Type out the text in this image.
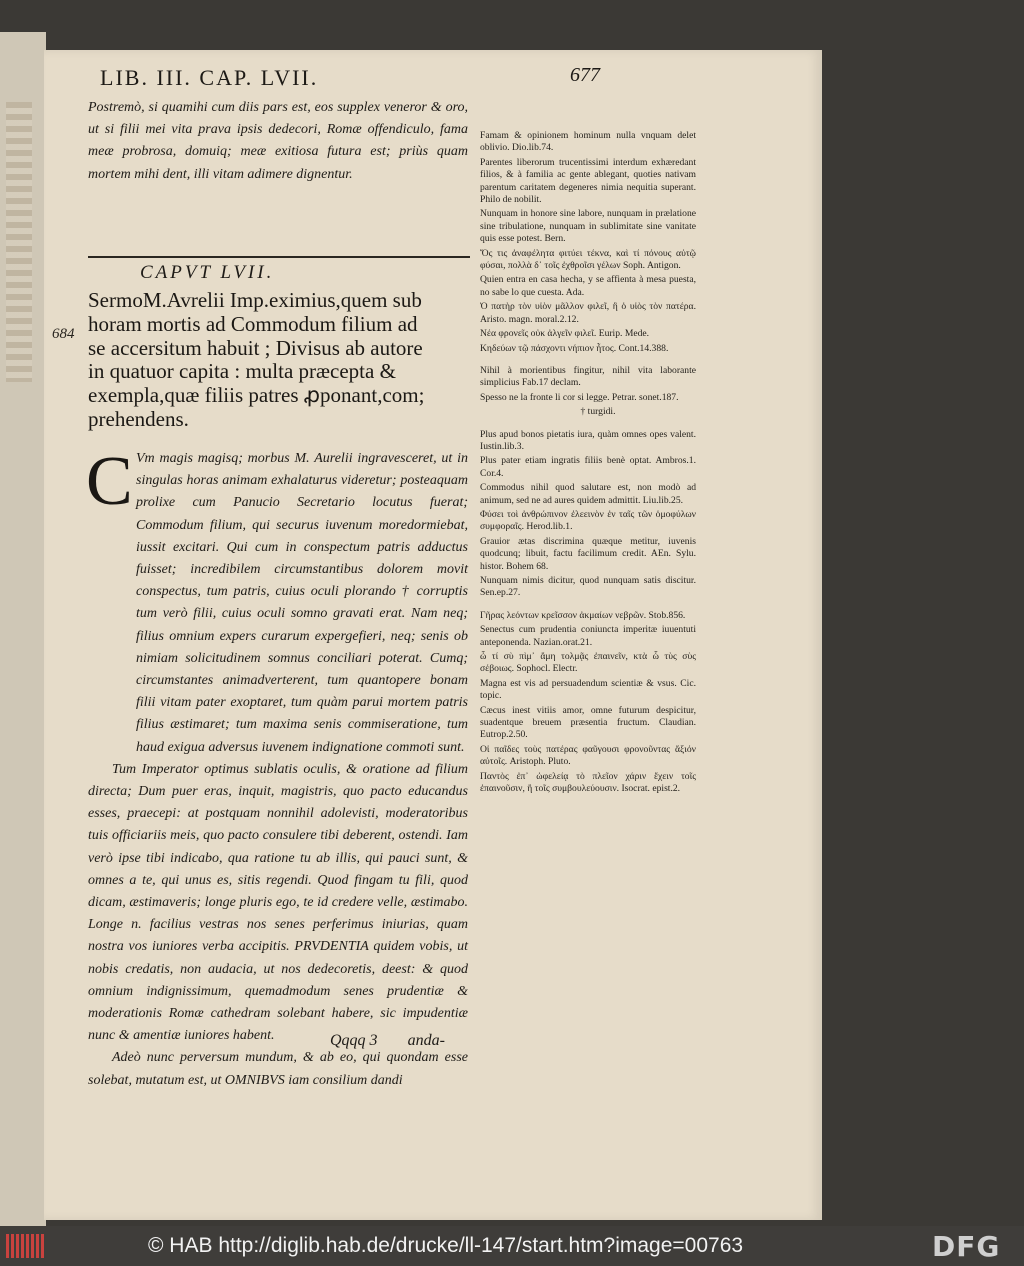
LIB. III. CAP. LVII.	677
Postremò, si quamihi cum diis pars est, eos supplex veneror & oro, ut si filii mei vita prava ipsis dedecori, Romæ offendiculo, fama meæ probrosa, domuiq; meæ exitiosa futura est; priùs quam mortem mihi dent, illi vitam adimere dignentur.
CAPVT LVII.
SermoM.Avrelii Imp.eximius,quem sub
horam mortis ad Commodum filium ad
se accersitum habuit ; Divisus ab autore
in quatuor capita : multa præcepta &
exempla,quæ filiis patres ꝓponant,com;
prehendens.
684
C Vm magis magisq; morbus M. Aurelii ingravesceret, ut in singulas horas animam exhalaturus videretur; posteaquam prolixe cum Panucio Secretario locutus fuerat; Commodum filium, qui securus iuvenum moredormiebat, iussit excitari. Qui cum in conspectum patris adductus fuisset; incredibilem circumstantibus dolorem movit conspectus, tum patris, cuius oculi plorando † corruptis tum verò filii, cuius oculi somno gravati erat. Nam neq; filius omnium expers curarum expergefieri, neq; senis ob nimiam solicitudinem somnus conciliari poterat. Cumq; circumstantes animadverterent, tum quantopere bonam filii vitam pater exoptaret, tum quàm parui mortem patris filius æstimaret; tum maxima senis commiseratione, tum haud exigua adversus iuvenem indignatione commoti sunt.

Tum Imperator optimus sublatis oculis, & oratione ad filium directa; Dum puer eras, inquit, magistris, quo pacto educandus esses, praecepi: at postquam nonnihil adolevisti, moderatoribus tuis officiariis meis, quo pacto consulere tibi deberent, ostendi. Iam verò ipse tibi indicabo, qua ratione tu ab illis, qui pauci sunt, & omnes a te, qui unus es, sitis regendi. Quod fingam tu fili, quod dicam, æstimaveris; longe pluris ego, te id credere velle, æstimabo. Longe n. facilius vestras nos senes perferimus iniurias, quam nostra vos iuniores verba accipitis. PRVDENTIA quidem vobis, ut nobis credatis, non audacia, ut nos dedecoretis, deest: & quod omnium indignissimum, quemadmodum senes prudentiæ & moderationis Romæ cathedram solebant habere, sic impudentiæ nunc & amentiæ iuniores habent.

Adeò nunc perversum mundum, & ab eo, qui quondam esse solebat, mutatum est, ut OMNIBVS iam consilium dandi

Qqqq 3 anda-

Famam & opinionem hominum nulla vnquam delet oblivio. Dio.lib.74.

Parentes liberorum trucentissimi interdum exhæredant filios, & à familia ac gente ablegant, quoties nativam parentum caritatem degeneres nimia nequitia superant. Philo de nobilit.

Nunquam in honore sine labore, nunquam in prælatione sine tribulatione, nunquam in sublimitate sine vanitate quis esse potest. Bern.

Ὅς τις ἀναφέλητα φιτύει τέκνα, καὶ τί πόνους αὐτῷ φύσαι, πολλὰ δ᾽ τοῖς ἐχθροῖσι γέλων Soph. Antigon.

Quien entra en casa hecha, y se affienta à mesa puesta, no sabe lo que cuesta. Ada.

Ὁ πατὴρ τὸν υἱὸν μᾶλλον φιλεῖ, ἢ ὁ υἱὸς τὸν πατέρα. Aristo. magn. moral.2.12.

Νέα φρονεῖς οὐκ ἀλγεῖν φιλεῖ. Eurip. Mede.

Κηδεύων τῷ πάσχοντι νήπιον ἦτος. Cont.14.388.

Nihil à morientibus fingitur, nihil vita laborante simplicius Fab.17 declam.

Spesso ne la fronte li cor si legge. Petrar. sonet.187.

† turgidi.

Plus apud bonos pietatis iura, quàm omnes opes valent. Iustin.lib.3.

Plus pater etiam ingratis filiis benè optat. Ambros.1. Cor.4.

Commodus nihil quod salutare est, non modò ad animum, sed ne ad aures quidem admittit. Liu.lib.25.

Φύσει τοὶ ἀνθρώπινον ἐλεεινὸν ἐν ταῖς τῶν ὁμοφύλων συμφοραῖς. Herod.lib.1.

Grauior ætas discrimina quæque metitur, iuvenis quodcunq; libuit, factu facilimum credit. AEn. Sylu. histor. Bohem 68.

Nunquam nimis dicitur, quod nunquam satis discitur. Sen.ep.27.

Γῆρας λεόντων κρεῖσσον ἀκμαίων νεβρῶν. Stob.856.

Senectus cum prudentia coniuncta imperitæ iuuentuti anteponenda. Nazian.orat.21.

ὦ τί σὺ πὶμ᾽ ἄμη τολμᾷς ἐπαινεῖν, κτὰ ὧ τὺς σὺς σέβοιως. Sophocl. Electr.

Magna est vis ad persuadendum scientiæ & vsus. Cic. topic.

Cæcus inest vitiis amor, omne futurum despicitur, suadentque breuem præsentia fructum. Claudian. Eutrop.2.50.

Οἱ παῖδες τοὺς πατέρας φαῦγουσι φρονοῦντας ἄξιόν αὐτοῖς. Aristoph. Pluto.

Παντὸς ἐπ᾽ ὠφελείᾳ τὸ πλεῖον χάριν ἔχειν τοῖς ἐπαινοῦσιν, ἢ τοῖς συμβουλεύουσιν. Isocrat. epist.2.

© HAB http://diglib.hab.de/drucke/ll-147/start.htm?image=00763	DFG
